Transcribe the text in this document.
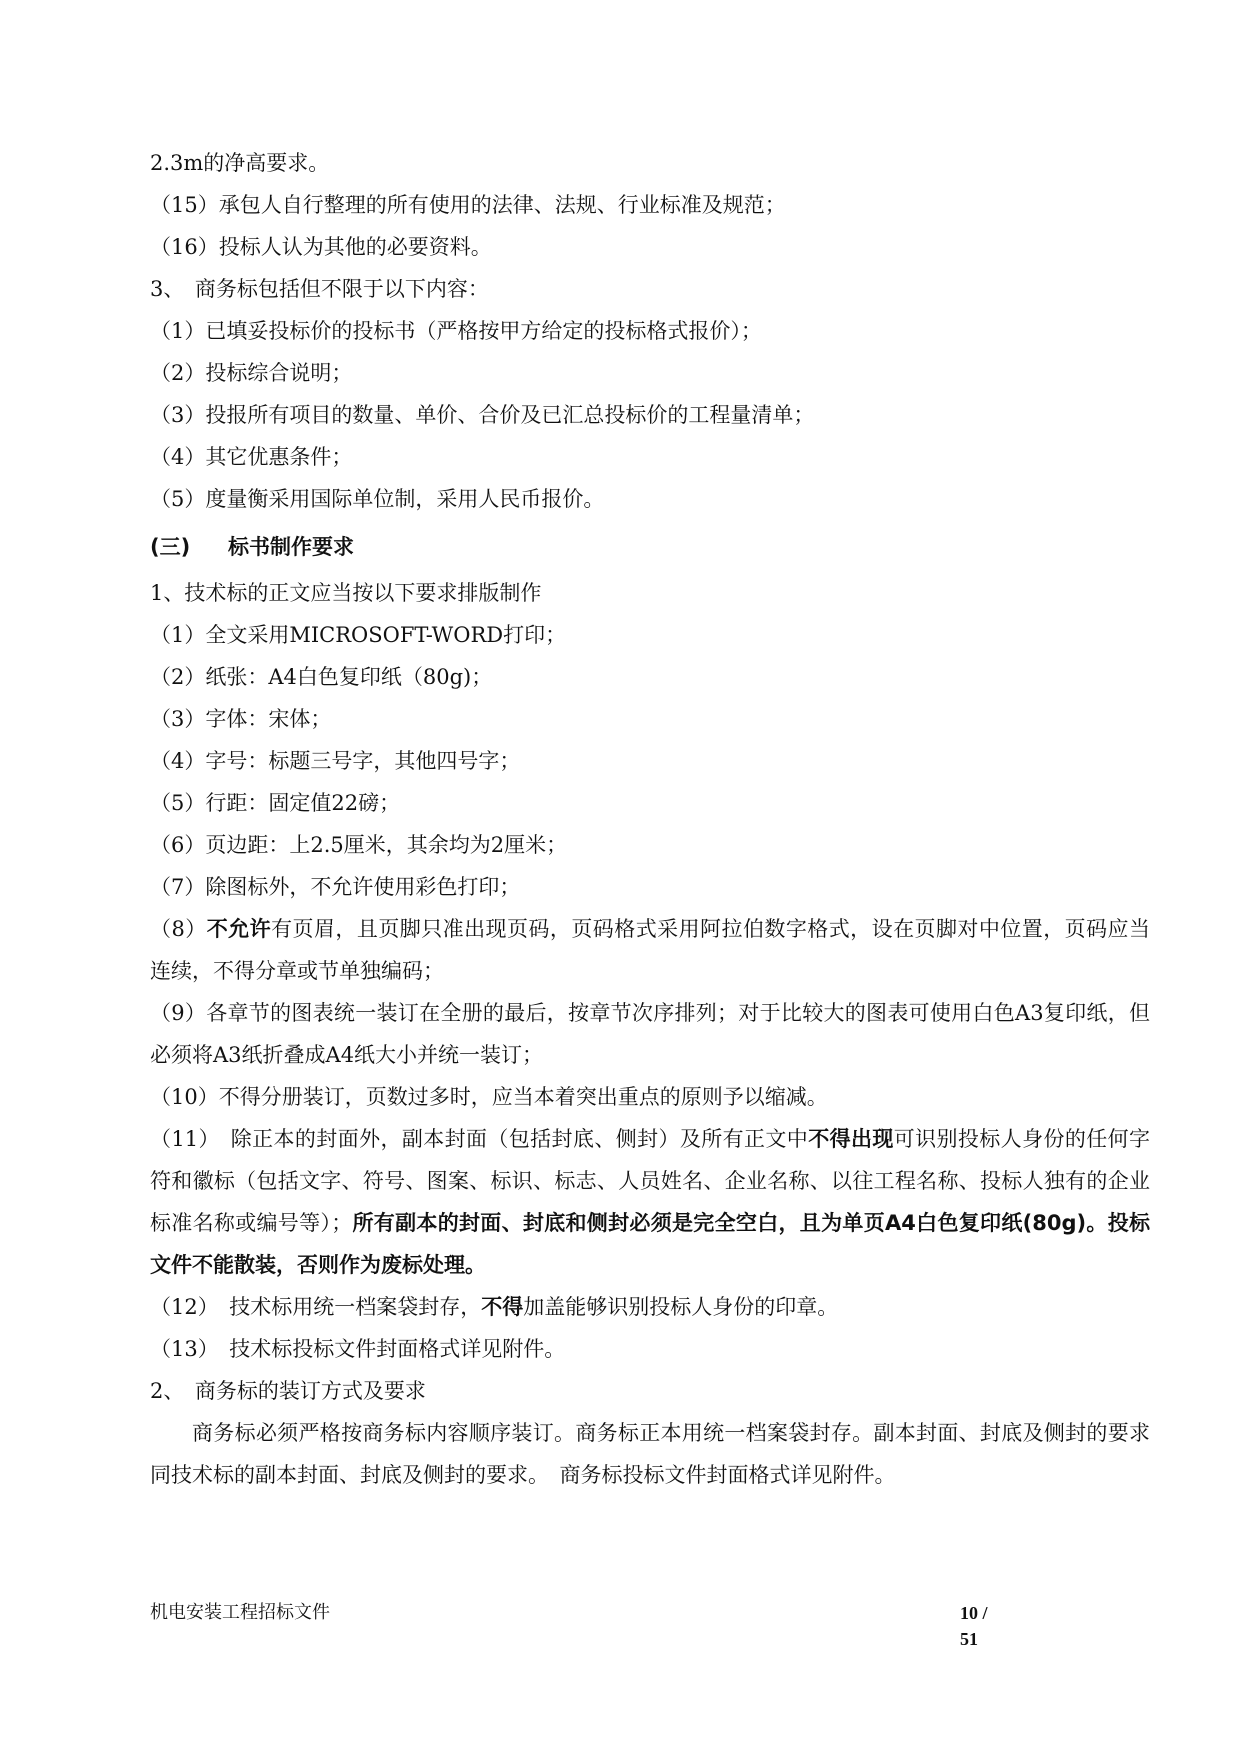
2.3m的净高要求。

（15）承包人自行整理的所有使用的法律、法规、行业标准及规范；

（16）投标人认为其他的必要资料。

3、　商务标包括但不限于以下内容：

（1）已填妥投标价的投标书（严格按甲方给定的投标格式报价）；

（2）投标综合说明；

（3）投报所有项目的数量、单价、合价及已汇总投标价的工程量清单；

（4）其它优惠条件；

（5）度量衡采用国际单位制，采用人民币报价。

(三) 标书制作要求

1、技术标的正文应当按以下要求排版制作

（1）全文采用MICROSOFT-WORD打印；

（2）纸张：A4白色复印纸（80g)；

（3）字体：宋体；

（4）字号：标题三号字，其他四号字；

（5）行距：固定值22磅；

（6）页边距：上2.5厘米，其余均为2厘米；

（7）除图标外，不允许使用彩色打印；

（8）不允许有页眉，且页脚只准出现页码，页码格式采用阿拉伯数字格式，设在页脚对中位置，页码应当连续，不得分章或节单独编码；

（9）各章节的图表统一装订在全册的最后，按章节次序排列；对于比较大的图表可使用白色A3复印纸，但必须将A3纸折叠成A4纸大小并统一装订；

（10）不得分册装订，页数过多时，应当本着突出重点的原则予以缩减。

（11）　除正本的封面外，副本封面（包括封底、侧封）及所有正文中不得出现可识别投标人身份的任何字符和徽标（包括文字、符号、图案、标识、标志、人员姓名、企业名称、以往工程名称、投标人独有的企业标准名称或编号等）；所有副本的封面、封底和侧封必须是完全空白，且为单页A4白色复印纸(80g)。投标文件不能散装，否则作为废标处理。

（12）　技术标用统一档案袋封存，不得加盖能够识别投标人身份的印章。

（13）　技术标投标文件封面格式详见附件。

2、　商务标的装订方式及要求

商务标必须严格按商务标内容顺序装订。商务标正本用统一档案袋封存。副本封面、封底及侧封的要求同技术标的副本封面、封底及侧封的要求。　商务标投标文件封面格式详见附件。

机电安装工程招标文件	10 / 51
